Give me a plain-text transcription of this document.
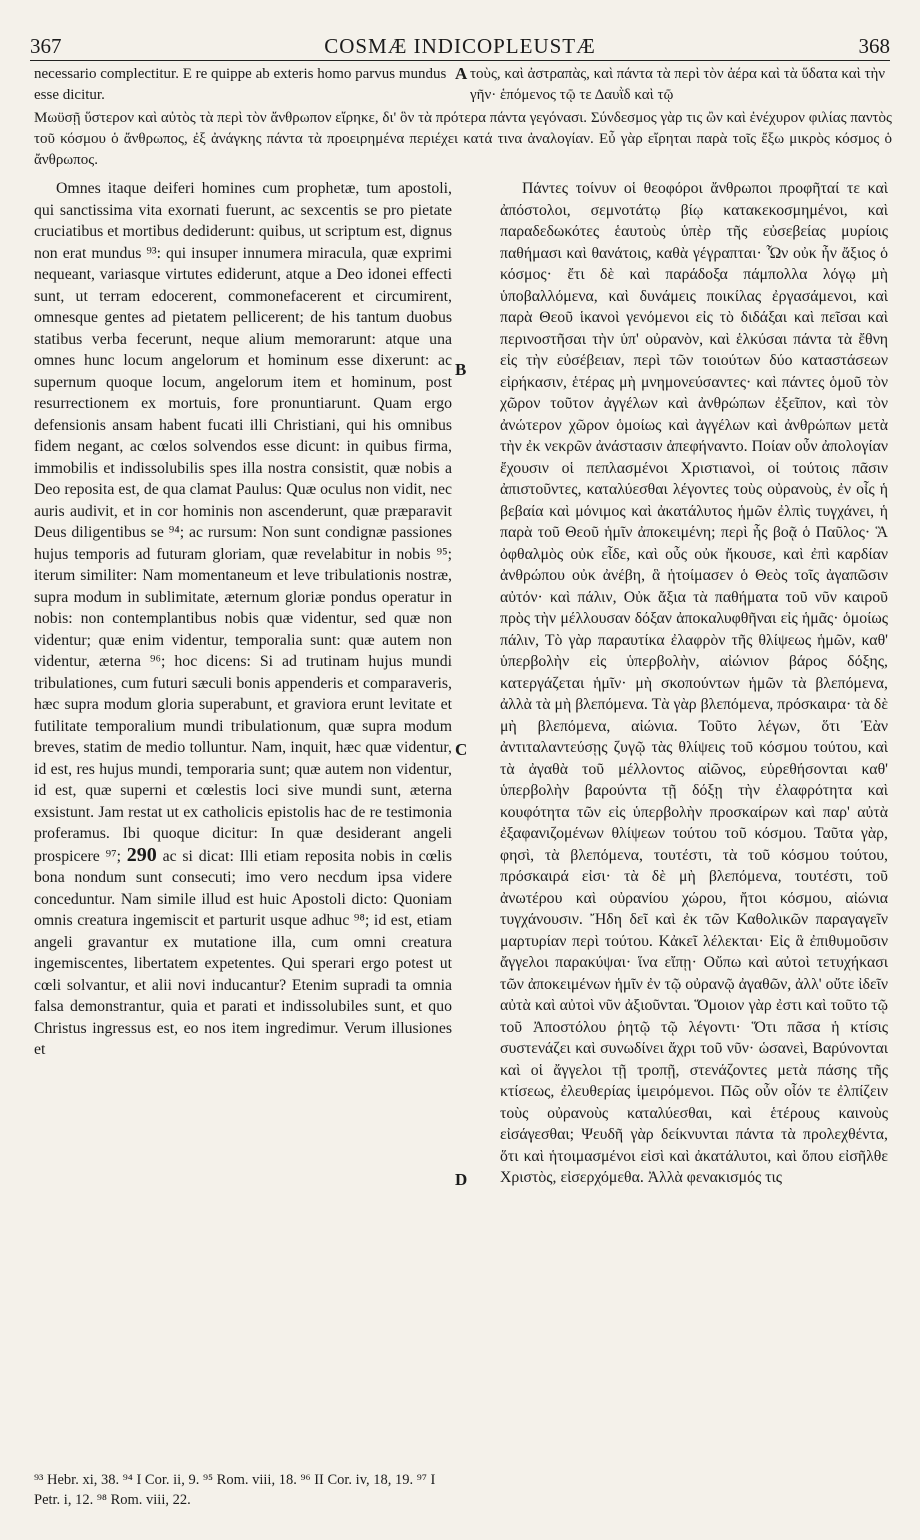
367	COSMÆ INDICOPLEUSTÆ	368
necessario complectitur. E re quippe ab exteris homo parvus mundus esse dicitur.
τοὺς, καὶ ἀστραπὰς, καὶ πάντα τὰ περὶ τὸν ἀέρα καὶ τὰ ὕδατα καὶ τὴν γῆν· ἑπόμενος τῷ τε Δαυῒδ καὶ τῷ
Μωϋσῇ ὕστερον καὶ αὐτὸς τὰ περὶ τὸν ἄνθρωπον εἴρηκε, δι' ὃν τὰ πρότερα πάντα γεγόνασι. Σύνδεσμος γὰρ τις ὢν καὶ ἐνέχυρον φιλίας παντὸς τοῦ κόσμου ὁ ἄνθρωπος, ἐξ ἀνάγκης πάντα τὰ προειρημένα περιέχει κατά τινα ἀναλογίαν. Εὖ γὰρ εἴρηται παρὰ τοῖς ἔξω μικρὸς κόσμος ὁ ἄνθρωπος.
A
B
C
D

Omnes itaque deiferi homines cum prophetæ, tum apostoli, qui sanctissima vita exornati fuerunt, ac sexcentis se pro pietate cruciatibus et mortibus dediderunt: quibus, ut scriptum est, dignus non erat mundus ⁹³: qui insuper innumera miracula, quæ exprimi nequeant, variasque virtutes ediderunt, atque a Deo idonei effecti sunt, ut terram edocerent, commonefacerent et circumirent, omnesque gentes ad pietatem pellicerent; de his tantum duobus statibus verba fecerunt, neque alium memorarunt: atque una omnes hunc locum angelorum et hominum esse dixerunt: ac supernum quoque locum, angelorum item et hominum, post resurrectionem ex mortuis, fore pronuntiarunt. Quam ergo defensionis ansam habent fucati illi Christiani, qui his omnibus fidem negant, ac cœlos solvendos esse dicunt: in quibus firma, immobilis et indissolubilis spes illa nostra consistit, quæ nobis a Deo reposita est, de qua clamat Paulus: Quæ oculus non vidit, nec auris audivit, et in cor hominis non ascenderunt, quæ præparavit Deus diligentibus se ⁹⁴; ac rursum: Non sunt condignæ passiones hujus temporis ad futuram gloriam, quæ revelabitur in nobis ⁹⁵; iterum similiter: Nam momentaneum et leve tribulationis nostræ, supra modum in sublimitate, æternum gloriæ pondus operatur in nobis: non contemplantibus nobis quæ videntur, sed quæ non videntur; quæ enim videntur, temporalia sunt: quæ autem non videntur, æterna ⁹⁶; hoc dicens: Si ad trutinam hujus mundi tribulationes, cum futuri sæculi bonis appenderis et comparaveris, hæc supra modum gloria superabunt, et graviora erunt levitate et futilitate temporalium mundi tribulationum, quæ supra modum breves, statim de medio tolluntur. Nam, inquit, hæc quæ videntur, id est, res hujus mundi, temporaria sunt; quæ autem non videntur, id est, quæ superni et cœlestis loci sive mundi sunt, æterna exsistunt. Jam restat ut ex catholicis epistolis hac de re testimonia proferamus. Ibi quoque dicitur: In quæ desiderant angeli prospicere ⁹⁷; 290 ac si dicat: Illi etiam reposita nobis in cœlis bona nondum sunt consecuti; imo vero necdum ipsa videre conceduntur. Nam simile illud est huic Apostoli dicto: Quoniam omnis creatura ingemiscit et parturit usque adhuc ⁹⁸; id est, etiam angeli gravantur ex mutatione illa, cum omni creatura ingemiscentes, libertatem expetentes. Qui sperari ergo potest ut cœli solvantur, et alii novi inducantur? Etenim supradi ta omnia falsa demonstrantur, quia et parati et indissolubiles sunt, et quo Christus ingressus est, eo nos item ingredimur. Verum illusiones et

Πάντες τοίνυν οἱ θεοφόροι ἄνθρωποι προφῆταί τε καὶ ἀπόστολοι, σεμνοτάτῳ βίῳ κατακεκοσμημένοι, καὶ παραδεδωκότες ἑαυτοὺς ὑπὲρ τῆς εὐσεβείας μυρίοις παθήμασι καὶ θανάτοις, καθὰ γέγραπται· Ὧν οὐκ ἦν ἄξιος ὁ κόσμος· ἔτι δὲ καὶ παράδοξα πάμπολλα λόγῳ μὴ ὑποβαλλόμενα, καὶ δυνάμεις ποικίλας ἐργασάμενοι, καὶ παρὰ Θεοῦ ἱκανοὶ γενόμενοι εἰς τὸ διδάξαι καὶ πεῖσαι καὶ περινοστῆσαι τὴν ὑπ' οὐρανὸν, καὶ ἑλκύσαι πάντα τὰ ἔθνη εἰς τὴν εὐσέβειαν, περὶ τῶν τοιούτων δύο καταστάσεων εἰρήκασιν, ἑτέρας μὴ μνημονεύσαντες· καὶ πάντες ὁμοῦ τὸν χῶρον τοῦτον ἀγγέλων καὶ ἀνθρώπων ἐξεῖπον, καὶ τὸν ἀνώτερον χῶρον ὁμοίως καὶ ἀγγέλων καὶ ἀνθρώπων μετὰ τὴν ἐκ νεκρῶν ἀνάστασιν ἀπεφήναντο. Ποίαν οὖν ἀπολογίαν ἔχουσιν οἱ πεπλασμένοι Χριστιανοὶ, οἱ τούτοις πᾶσιν ἀπιστοῦντες, καταλύεσθαι λέγοντες τοὺς οὐρανοὺς, ἐν οἷς ἡ βεβαία καὶ μόνιμος καὶ ἀκατάλυτος ἡμῶν ἐλπὶς τυγχάνει, ἡ παρὰ τοῦ Θεοῦ ἡμῖν ἀποκειμένη; περὶ ἧς βοᾷ ὁ Παῦλος· Ἃ ὀφθαλμὸς οὐκ εἶδε, καὶ οὖς οὐκ ἤκουσε, καὶ ἐπὶ καρδίαν ἀνθρώπου οὐκ ἀνέβη, ἃ ἡτοίμασεν ὁ Θεὸς τοῖς ἀγαπῶσιν αὐτόν· καὶ πάλιν, Οὐκ ἄξια τὰ παθήματα τοῦ νῦν καιροῦ πρὸς τὴν μέλλουσαν δόξαν ἀποκαλυφθῆναι εἰς ἡμᾶς· ὁμοίως πάλιν, Τὸ γὰρ παραυτίκα ἐλαφρὸν τῆς θλίψεως ἡμῶν, καθ' ὑπερβολὴν εἰς ὑπερβολὴν, αἰώνιον βάρος δόξης, κατεργάζεται ἡμῖν· μὴ σκοπούντων ἡμῶν τὰ βλεπόμενα, ἀλλὰ τὰ μὴ βλεπόμενα. Τὰ γὰρ βλεπόμενα, πρόσκαιρα· τὰ δὲ μὴ βλεπόμενα, αἰώνια. Τοῦτο λέγων, ὅτι Ἐὰν ἀντιταλαντεύσῃς ζυγῷ τὰς θλίψεις τοῦ κόσμου τούτου, καὶ τὰ ἀγαθὰ τοῦ μέλλοντος αἰῶνος, εὑρεθήσονται καθ' ὑπερβολὴν βαρούντα τῇ δόξῃ τὴν ἐλαφρότητα καὶ κουφότητα τῶν εἰς ὑπερβολὴν προσκαίρων καὶ παρ' αὐτὰ ἐξαφανιζομένων θλίψεων τούτου τοῦ κόσμου. Ταῦτα γὰρ, φησὶ, τὰ βλεπόμενα, τουτέστι, τὰ τοῦ κόσμου τούτου, πρόσκαιρά εἰσι· τὰ δὲ μὴ βλεπόμενα, τουτέστι, τοῦ ἀνωτέρου καὶ οὐρανίου χώρου, ἤτοι κόσμου, αἰώνια τυγχάνουσιν. Ἤδη δεῖ καὶ ἐκ τῶν Καθολικῶν παραγαγεῖν μαρτυρίαν περὶ τούτου. Κἀκεῖ λέλεκται· Εἰς ἃ ἐπιθυμοῦσιν ἄγγελοι παρακύψαι· ἵνα εἴπῃ· Οὔπω καὶ αὐτοὶ τετυχήκασι τῶν ἀποκειμένων ἡμῖν ἐν τῷ οὐρανῷ ἀγαθῶν, ἀλλ' οὔτε ἰδεῖν αὐτὰ καὶ αὐτοὶ νῦν ἀξιοῦνται. Ὅμοιον γὰρ ἐστι καὶ τοῦτο τῷ τοῦ Ἀποστόλου ῥητῷ τῷ λέγοντι· Ὅτι πᾶσα ἡ κτίσις συστενάζει καὶ συνωδίνει ἄχρι τοῦ νῦν· ὡσανεὶ, Βαρύνονται καὶ οἱ ἄγγελοι τῇ τροπῇ, στενάζοντες μετὰ πάσης τῆς κτίσεως, ἐλευθερίας ἱμειρόμενοι. Πῶς οὖν οἷόν τε ἐλπίζειν τοὺς οὐρανοὺς καταλύεσθαι, καὶ ἑτέρους καινοὺς εἰσάγεσθαι; Ψευδῆ γὰρ δείκνυνται πάντα τὰ προλεχθέντα, ὅτι καὶ ἡτοιμασμένοι εἰσὶ καὶ ἀκατάλυτοι, καὶ ὅπου εἰσῆλθε Χριστὸς, εἰσερχόμεθα. Ἀλλὰ φενακισμός τις

⁹³ Hebr. xi, 38. ⁹⁴ I Cor. ii, 9. ⁹⁵ Rom. viii, 18. ⁹⁶ II Cor. iv, 18, 19. ⁹⁷ I Petr. i, 12. ⁹⁸ Rom. viii, 22.
